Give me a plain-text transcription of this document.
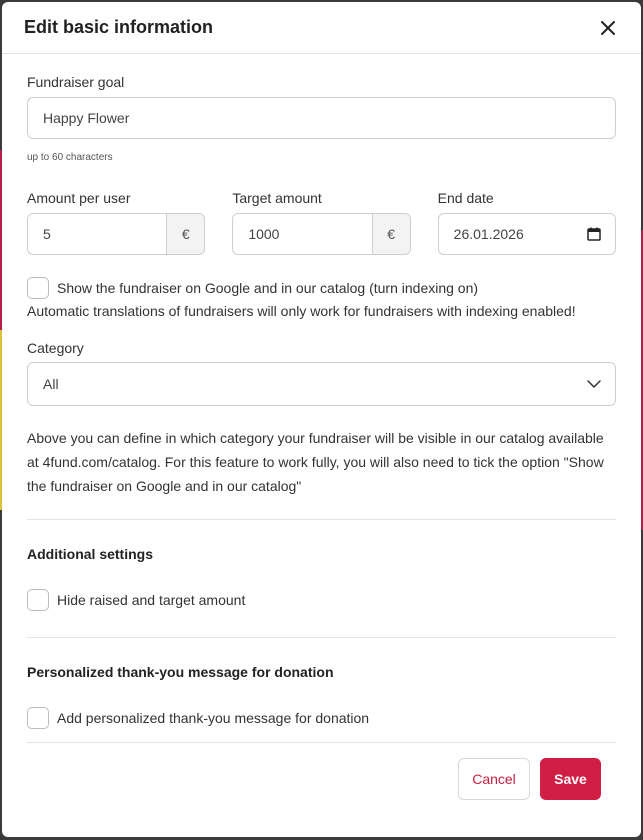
Edit basic information
Fundraiser goal
Happy Flower
up to 60 characters
Amount per user
5	€
Target amount
1000	€
End date
26.01.2026
Show the fundraiser on Google and in our catalog (turn indexing on)
Automatic translations of fundraisers will only work for fundraisers with indexing enabled!
Category
All
Above you can define in which category your fundraiser will be visible in our catalog available at 4fund.com/catalog. For this feature to work fully, you will also need to tick the option "Show the fundraiser on Google and in our catalog"
Additional settings
Hide raised and target amount
Personalized thank-you message for donation
Add personalized thank-you message for donation
Cancel	Save
